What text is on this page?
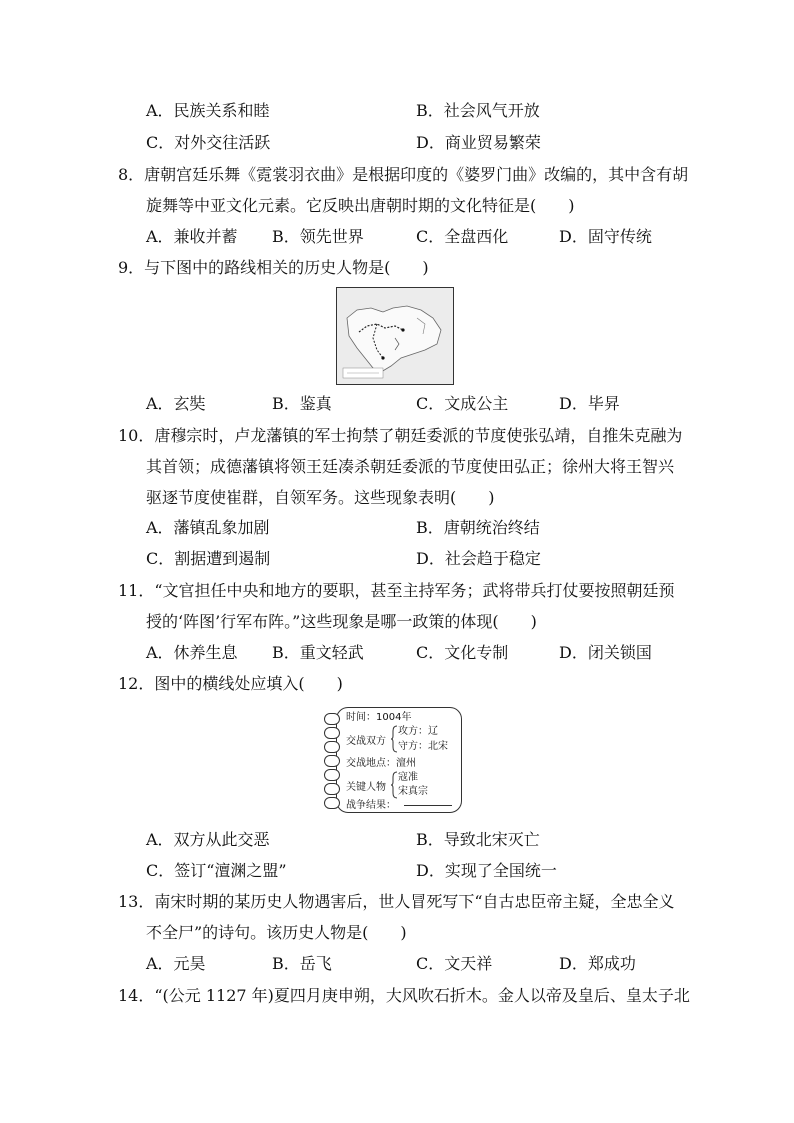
A．民族关系和睦	B．社会风气开放
C．对外交往活跃	D．商业贸易繁荣
8．唐朝宫廷乐舞《霓裳羽衣曲》是根据印度的《婆罗门曲》改编的，其中含有胡
旋舞等中亚文化元素。它反映出唐朝时期的文化特征是(　　)
A．兼收并蓄 B．领先世界	C．全盘西化	D．固守传统
9．与下图中的路线相关的历史人物是(　　)
A．玄奘	B．鉴真	C．文成公主	D．毕昇
10．唐穆宗时，卢龙藩镇的军士拘禁了朝廷委派的节度使张弘靖，自推朱克融为
其首领；成德藩镇将领王廷凑杀朝廷委派的节度使田弘正；徐州大将王智兴
驱逐节度使崔群，自领军务。这些现象表明(　　)
A．藩镇乱象加剧	B．唐朝统治终结
C．割据遭到遏制	D．社会趋于稳定
11．“文官担任中央和地方的要职，甚至主持军务；武将带兵打仗要按照朝廷预
授的‘阵图’行军布阵。”这些现象是哪一政策的体现(　　)
A．休养生息 B．重文轻武	C．文化专制	D．闭关锁国
12．图中的横线处应填入(　　)
时间：1004年
交战双方
攻方：辽
守方：北宋
交战地点：澶州
关键人物
寇准
宋真宗
战争结果：
A．双方从此交恶	B．导致北宋灭亡
C．签订“澶渊之盟”	D．实现了全国统一
13．南宋时期的某历史人物遇害后，世人冒死写下“自古忠臣帝主疑，全忠全义
不全尸”的诗句。该历史人物是(　　)
A．元昊	B．岳飞	C．文天祥	D．郑成功
14．“(公元 1127 年)夏四月庚申朔，大风吹石折木。金人以帝及皇后、皇太子北
